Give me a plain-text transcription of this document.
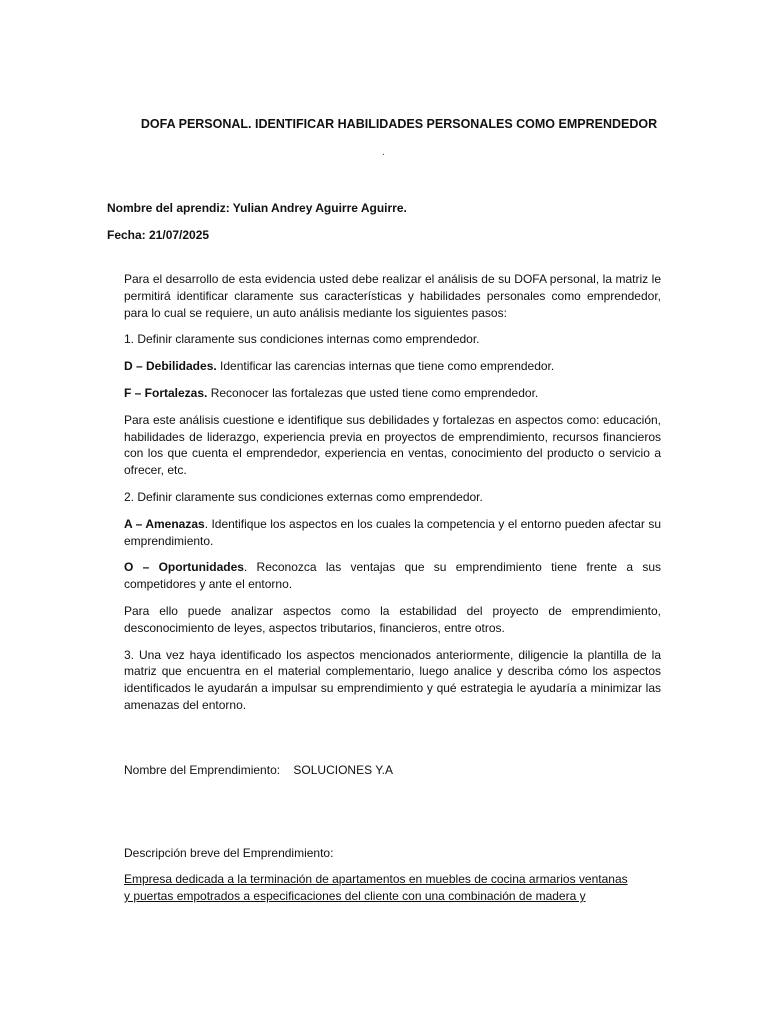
DOFA PERSONAL. IDENTIFICAR HABILIDADES PERSONALES COMO EMPRENDEDOR
.
Nombre del aprendiz: Yulian Andrey Aguirre Aguirre.
Fecha: 21/07/2025

Para el desarrollo de esta evidencia usted debe realizar el análisis de su DOFA personal, la matriz le permitirá identificar claramente sus características y habilidades personales como emprendedor, para lo cual se requiere, un auto análisis mediante los siguientes pasos:

1. Definir claramente sus condiciones internas como emprendedor.

D – Debilidades. Identificar las carencias internas que tiene como emprendedor.

F – Fortalezas. Reconocer las fortalezas que usted tiene como emprendedor.

Para este análisis cuestione e identifique sus debilidades y fortalezas en aspectos como: educación, habilidades de liderazgo, experiencia previa en proyectos de emprendimiento, recursos financieros con los que cuenta el emprendedor, experiencia en ventas, conocimiento del producto o servicio a ofrecer, etc.

2. Definir claramente sus condiciones externas como emprendedor.

A – Amenazas. Identifique los aspectos en los cuales la competencia y el entorno pueden afectar su emprendimiento.

O – Oportunidades. Reconozca las ventajas que su emprendimiento tiene frente a sus competidores y ante el entorno.

Para ello puede analizar aspectos como la estabilidad del proyecto de emprendimiento, desconocimiento de leyes, aspectos tributarios, financieros, entre otros.

3. Una vez haya identificado los aspectos mencionados anteriormente, diligencie la plantilla de la matriz que encuentra en el material complementario, luego analice y describa cómo los aspectos identificados le ayudarán a impulsar su emprendimiento y qué estrategia le ayudaría a minimizar las amenazas del entorno.

Nombre del Emprendimiento: SOLUCIONES Y.A
Descripción breve del Emprendimiento:
Empresa dedicada a la terminación de apartamentos en muebles de cocina armarios ventanas
y puertas empotrados a especificaciones del cliente con una combinación de madera y
